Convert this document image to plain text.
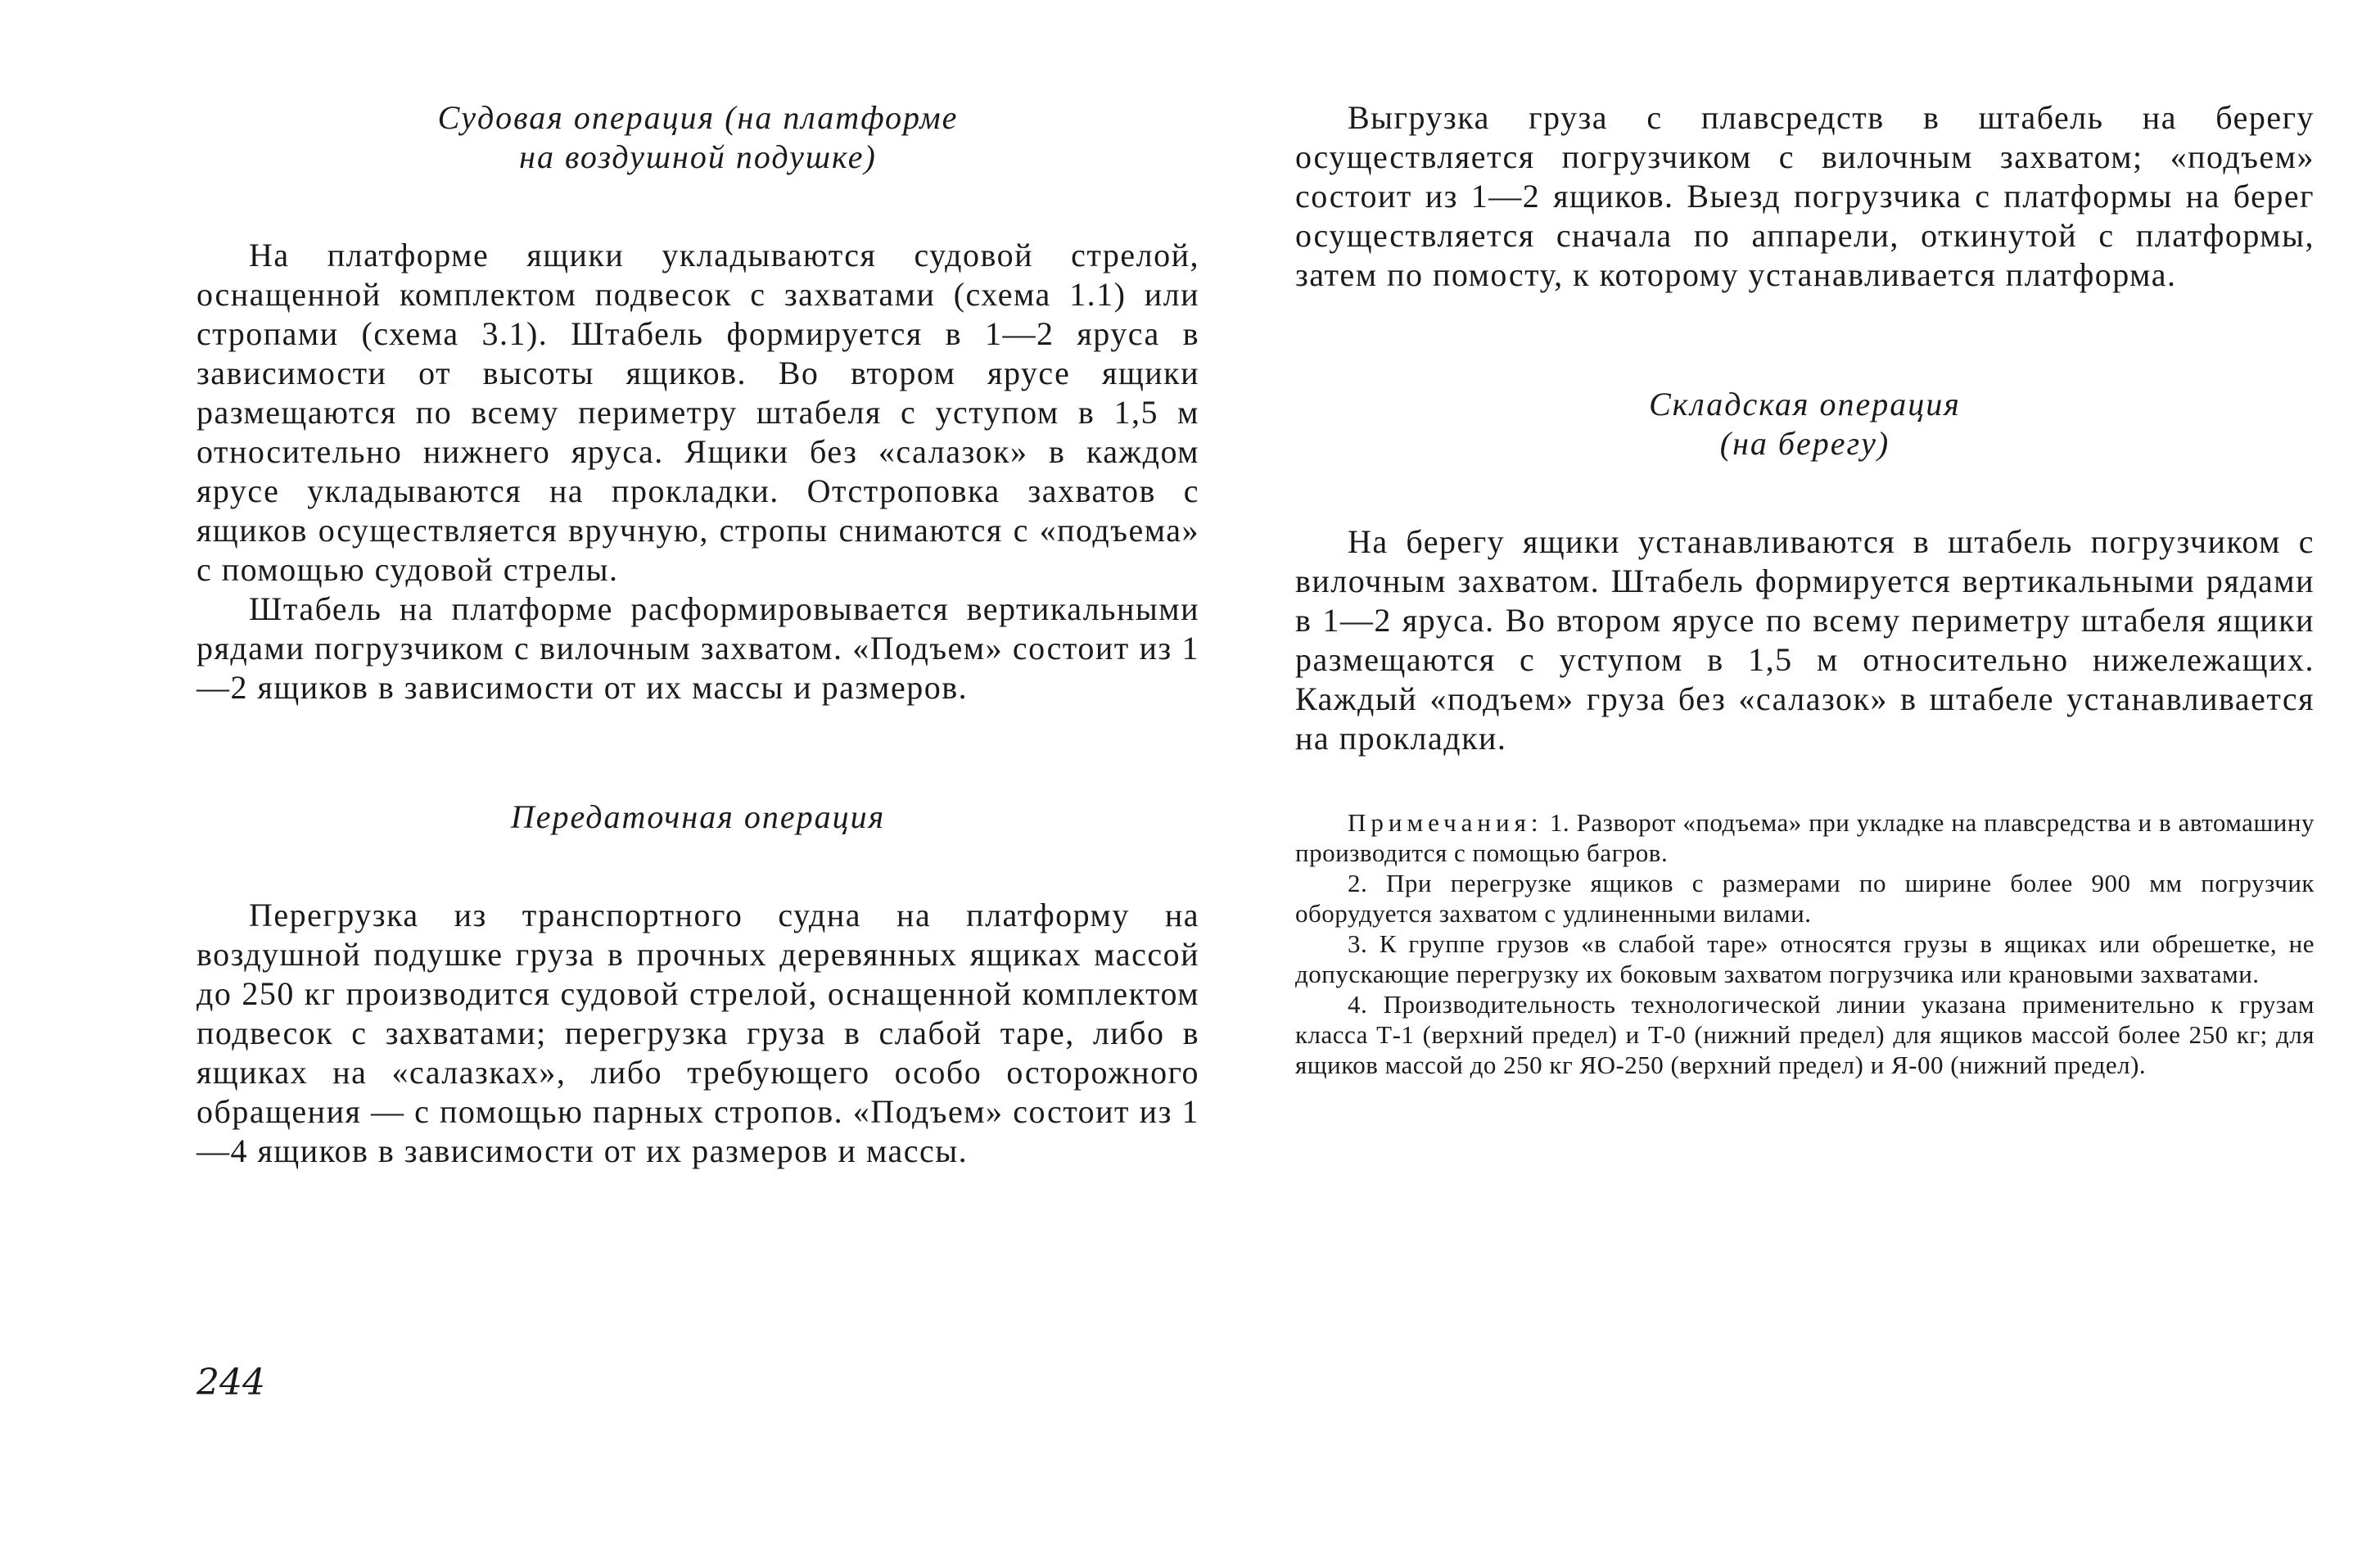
Судовая операция (на платформе
на воздушной подушке)

На платформе ящики укладываются судовой стрелой, оснащенной комплектом подвесок с захватами (схема 1.1) или стропами (схема 3.1). Штабель формируется в 1—2 яруса в зависимости от высоты ящиков. Во втором ярусе ящики размещаются по всему периметру штабеля с уступом в 1,5 м относительно нижнего яруса. Ящики без «салазок» в каждом ярусе укладываются на прокладки. Отстроповка захватов с ящиков осуществляется вручную, стропы снимаются с «подъема» с помощью судовой стрелы.

Штабель на платформе расформировывается вертикальными рядами погрузчиком с вилочным захватом. «Подъем» состоит из 1—2 ящиков в зависимости от их массы и размеров.

Передаточная операция

Перегрузка из транспортного судна на платформу на воздушной подушке груза в прочных деревянных ящиках массой до 250 кг производится судовой стрелой, оснащенной комплектом подвесок с захватами; перегрузка груза в слабой таре, либо в ящиках на «салазках», либо требующего особо осторожного обращения — с помощью парных стропов. «Подъем» состоит из 1—4 ящиков в зависимости от их размеров и массы.

Выгрузка груза с плавсредств в штабель на берегу осуществляется погрузчиком с вилочным захватом; «подъем» состоит из 1—2 ящиков. Выезд погрузчика с платформы на берег осуществляется сначала по аппарели, откинутой с платформы, затем по помосту, к которому устанавливается платформа.

Складская операция
(на берегу)

На берегу ящики устанавливаются в штабель погрузчиком с вилочным захватом. Штабель формируется вертикальными рядами в 1—2 яруса. Во втором ярусе по всему периметру штабеля ящики размещаются с уступом в 1,5 м относительно нижележащих. Каждый «подъем» груза без «салазок» в штабеле устанавливается на прокладки.

Примечания: 1. Разворот «подъема» при укладке на плавсредства и в автомашину производится с помощью багров.

2. При перегрузке ящиков с размерами по ширине более 900 мм погрузчик оборудуется захватом с удлиненными вилами.

3. К группе грузов «в слабой таре» относятся грузы в ящиках или обрешетке, не допускающие перегрузку их боковым захватом погрузчика или крановыми захватами.

4. Производительность технологической линии указана применительно к грузам класса Т-1 (верхний предел) и Т-0 (нижний предел) для ящиков массой более 250 кг; для ящиков массой до 250 кг ЯО-250 (верхний предел) и Я-00 (нижний предел).

244
